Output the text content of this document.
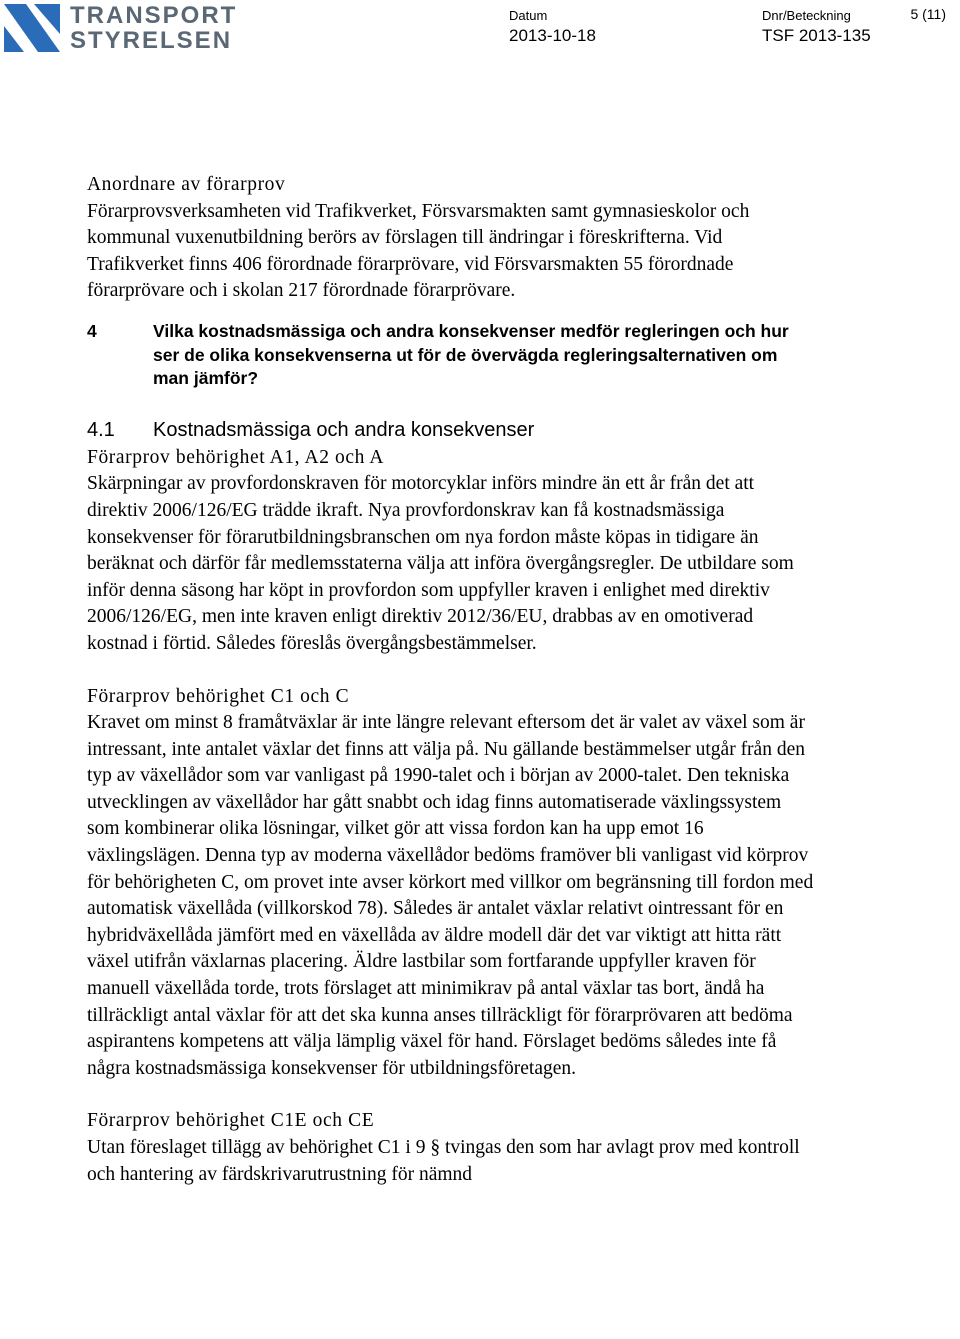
TRANSPORT
STYRELSEN
Datum
2013-10-18
Dnr/Beteckning
TSF 2013-135
5 (11)

Anordnare av förarprov

Förarprovsverksamheten vid Trafikverket, Försvarsmakten samt gymnasieskolor och kommunal vuxenutbildning berörs av förslagen till ändringar i föreskrifterna. Vid Trafikverket finns 406 förordnade förarprövare, vid Försvarsmakten 55 förordnade förarprövare och i skolan 217 förordnade förarprövare.

4	Vilka kostnadsmässiga och andra konsekvenser medför regleringen och hur ser de olika konsekvenserna ut för de övervägda regleringsalternativen om man jämför?
4.1 Kostnadsmässiga och andra konsekvenser

Förarprov behörighet A1, A2 och A

Skärpningar av provfordonskraven för motorcyklar införs mindre än ett år från det att direktiv 2006/126/EG trädde ikraft. Nya provfordonskrav kan få kostnadsmässiga konsekvenser för förarutbildningsbranschen om nya fordon måste köpas in tidigare än beräknat och därför får medlemsstaterna välja att införa övergångsregler. De utbildare som inför denna säsong har köpt in provfordon som uppfyller kraven i enlighet med direktiv 2006/126/EG, men inte kraven enligt direktiv 2012/36/EU, drabbas av en omotiverad kostnad i förtid. Således föreslås övergångsbestämmelser.

Förarprov behörighet C1 och C

Kravet om minst 8 framåtväxlar är inte längre relevant eftersom det är valet av växel som är intressant, inte antalet växlar det finns att välja på. Nu gällande bestämmelser utgår från den typ av växellådor som var vanligast på 1990-talet och i början av 2000-talet. Den tekniska utvecklingen av växellådor har gått snabbt och idag finns automatiserade växlingssystem som kombinerar olika lösningar, vilket gör att vissa fordon kan ha upp emot 16 växlingslägen. Denna typ av moderna växellådor bedöms framöver bli vanligast vid körprov för behörigheten C, om provet inte avser körkort med villkor om begränsning till fordon med automatisk växellåda (villkorskod 78). Således är antalet växlar relativt ointressant för en hybridväxellåda jämfört med en växellåda av äldre modell där det var viktigt att hitta rätt växel utifrån växlarnas placering. Äldre lastbilar som fortfarande uppfyller kraven för manuell växellåda torde, trots förslaget att minimikrav på antal växlar tas bort, ändå ha tillräckligt antal växlar för att det ska kunna anses tillräckligt för förarprövaren att bedöma aspirantens kompetens att välja lämplig växel för hand. Förslaget bedöms således inte få några kostnadsmässiga konsekvenser för utbildningsföretagen.

Förarprov behörighet C1E och CE

Utan föreslaget tillägg av behörighet C1 i 9 § tvingas den som har avlagt prov med kontroll och hantering av färdskrivarutrustning för nämnd
